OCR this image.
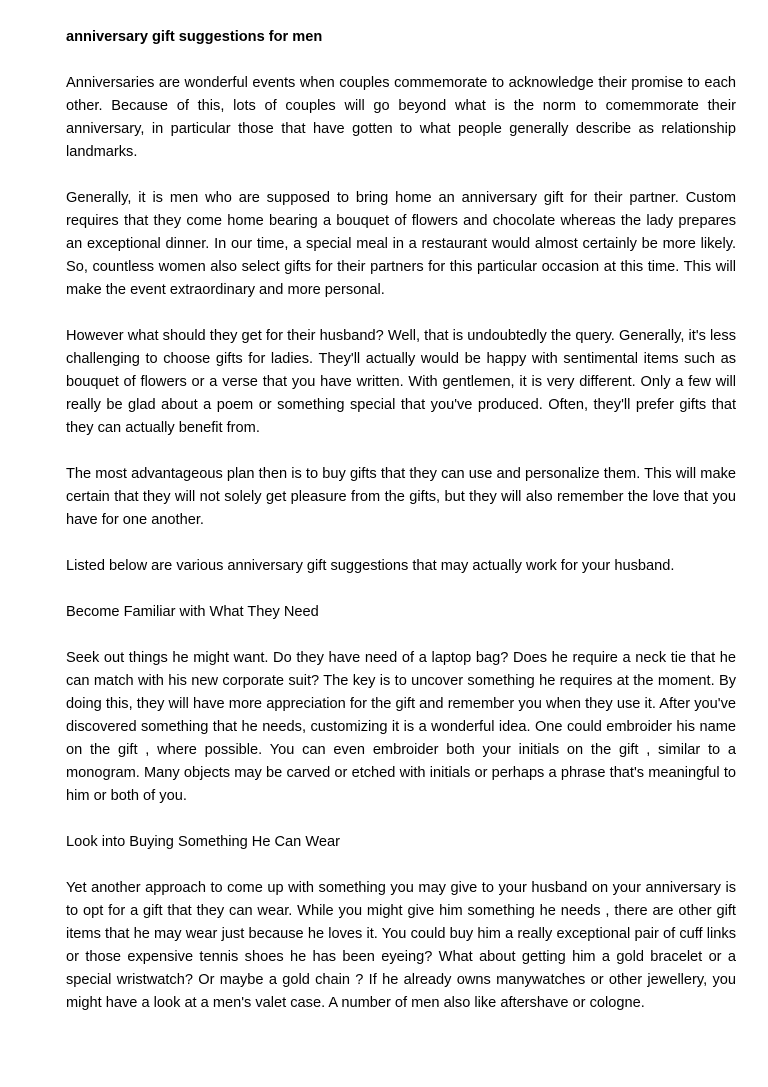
anniversary gift suggestions for men

Anniversaries are wonderful events when couples commemorate to acknowledge their promise to each other. Because of this, lots of couples will go beyond what is the norm to comemmorate their anniversary, in particular those that have gotten to what people generally describe as relationship landmarks.

Generally, it is men who are supposed to bring home an anniversary gift for their partner. Custom requires that they come home bearing a bouquet of flowers and chocolate whereas the lady prepares an exceptional dinner. In our time, a special meal in a restaurant would almost certainly be more likely. So, countless women also select gifts for their partners for this particular occasion at this time. This will make the event extraordinary and more personal.

However what should they get for their husband? Well, that is undoubtedly the query. Generally, it's less challenging to choose gifts for ladies. They'll actually would be happy with sentimental items such as bouquet of flowers or a verse that you have written. With gentlemen, it is very different. Only a few will really be glad about a poem or something special that you've produced. Often, they'll prefer gifts that they can actually benefit from.

The most advantageous plan then is to buy gifts that they can use and personalize them. This will make certain that they will not solely get pleasure from the gifts, but they will also remember the love that you have for one another.

Listed below are various anniversary gift suggestions that may actually work for your husband.

Become Familiar with What They Need

Seek out things he might want. Do they have need of a laptop bag? Does he require a neck tie that he can match with his new corporate suit? The key is to uncover something he requires at the moment. By doing this, they will have more appreciation for the gift and remember you when they use it. After you've discovered something that he needs, customizing it is a wonderful idea. One could embroider his name on the gift , where possible. You can even embroider both your initials on the gift , similar to a monogram. Many objects may be carved or etched with initials or perhaps a phrase that's meaningful to him or both of you.

Look into Buying Something He Can Wear

Yet another approach to come up with something you may give to your husband on your anniversary is to opt for a gift that they can wear. While you might give him something he needs , there are other gift items that he may wear just because he loves it. You could buy him a really exceptional pair of cuff links or those expensive tennis shoes he has been eyeing? What about getting him a gold bracelet or a special wristwatch? Or maybe a gold chain ? If he already owns manywatches or other jewellery, you might have a look at a men's valet case. A number of men also like aftershave or cologne.
